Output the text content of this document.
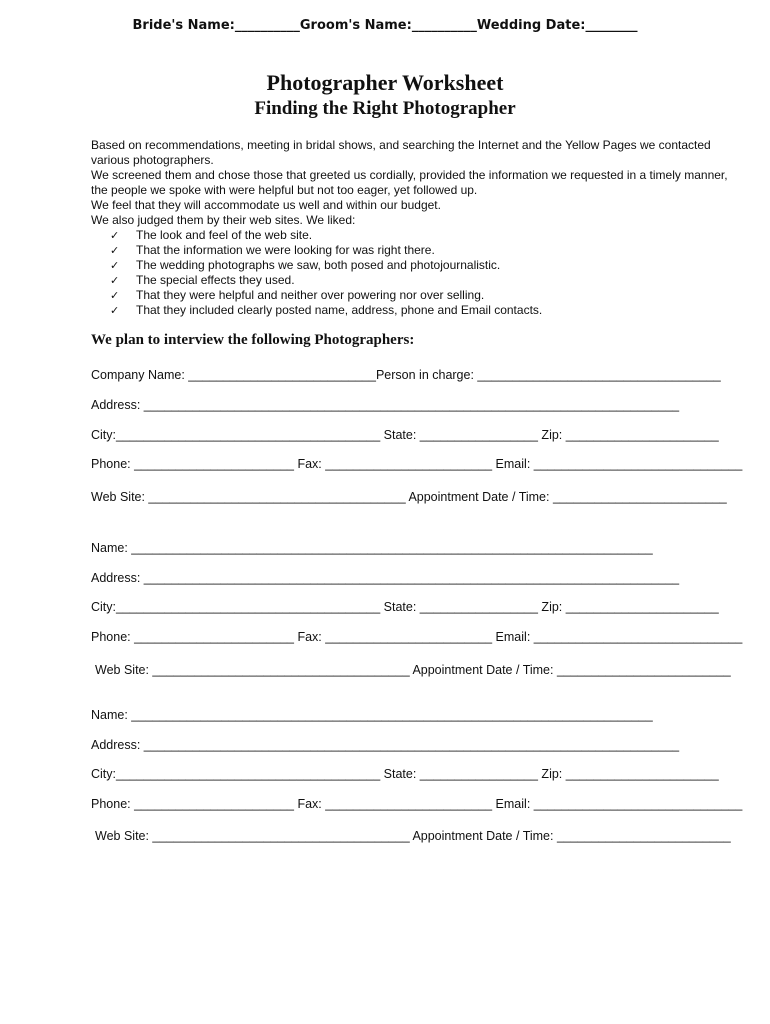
Bride's Name:__________Groom's Name:__________Wedding Date:________
Photographer Worksheet
Finding the Right Photographer

Based on recommendations, meeting in bridal shows, and searching the Internet and the Yellow Pages we contacted various photographers.

We screened them and chose those that greeted us cordially, provided the information we requested in a timely manner, the people we spoke with were helpful but not too eager, yet followed up.

We feel that they will accommodate us well and within our budget.

We also judged them by their web sites. We liked:

✓ The look and feel of the web site.
✓ That the information we were looking for was right there.
✓ The wedding photographs we saw, both posed and photojournalistic.
✓ The special effects they used.
✓ That they were helpful and neither over powering nor over selling.
✓ That they included clearly posted name, address, phone and Email contacts.
We plan to interview the following Photographers:
Company Name: ___________________________Person in charge: ___________________________________
Address: _____________________________________________________________________________
City:______________________________________ State: _________________ Zip: ______________________
Phone: _______________________ Fax: ________________________ Email: ______________________________
Web Site: _____________________________________ Appointment Date / Time: _________________________
Name: ___________________________________________________________________________
Address: _____________________________________________________________________________
City:______________________________________ State: _________________ Zip: ______________________
Phone: _______________________ Fax: ________________________ Email: ______________________________
Web Site: _____________________________________ Appointment Date / Time: _________________________
Name: ___________________________________________________________________________
Address: _____________________________________________________________________________
City:______________________________________ State: _________________ Zip: ______________________
Phone: _______________________ Fax: ________________________ Email: ______________________________
Web Site: _____________________________________ Appointment Date / Time: _________________________
